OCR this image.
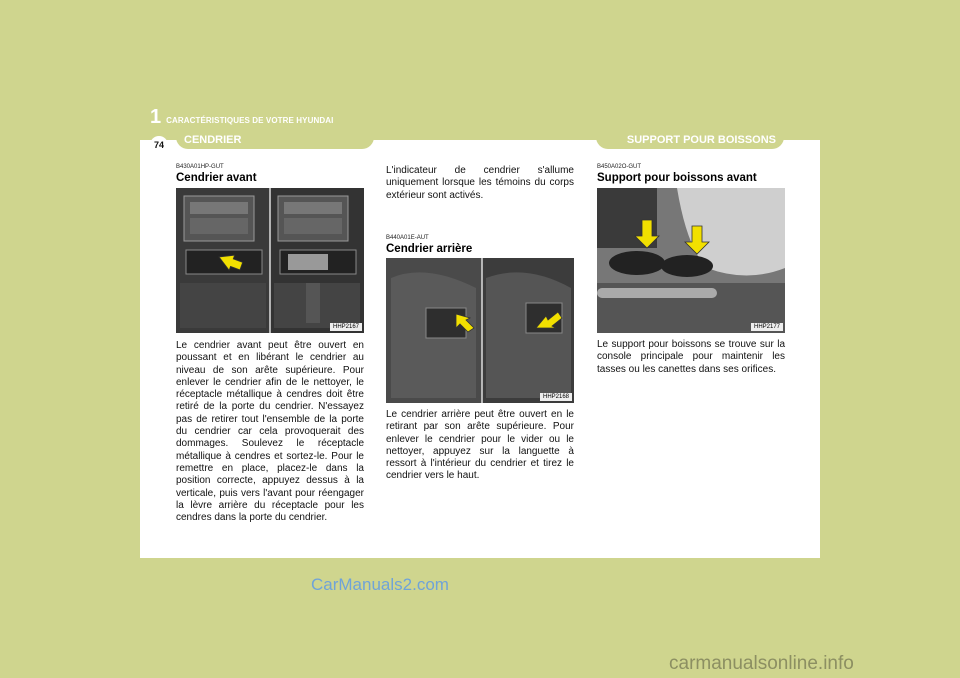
1 CARACTÉRISTIQUES DE VOTRE HYUNDAI
74	CENDRIER	SUPPORT POUR BOISSONS
B430A01HP-GUT
Cendrier avant
HHP2167
Le cendrier avant peut être ouvert en poussant et en libérant le cendrier au niveau de son arête supérieure. Pour enlever le cendrier afin de le nettoyer, le réceptacle métallique à cendres doit être retiré de la porte du cendrier. N'essayez pas de retirer tout l'ensemble de la porte du cendrier car cela provoquerait des dommages. Soulevez le réceptacle métallique à cendres et sortez-le. Pour le remettre en place, placez-le dans la position correcte, appuyez dessus à la verticale, puis vers l'avant pour réengager la lèvre arrière du réceptacle pour les cendres dans la porte du cendrier.
L'indicateur de cendrier s'allume uniquement lorsque les témoins du corps extérieur sont activés.
B440A01E-AUT
Cendrier arrière
HHP2168
Le cendrier arrière peut être ouvert en le retirant par son arête supérieure. Pour enlever le cendrier pour le vider ou le nettoyer, appuyez sur la languette à ressort à l'intérieur du cendrier et tirez le cendrier vers le haut.
B450A02O-GUT
Support pour boissons avant
HHP2177
Le support pour boissons se trouve sur la console principale pour maintenir les tasses ou les canettes dans ses orifices.
CarManuals2.com
carmanualsonline.info
